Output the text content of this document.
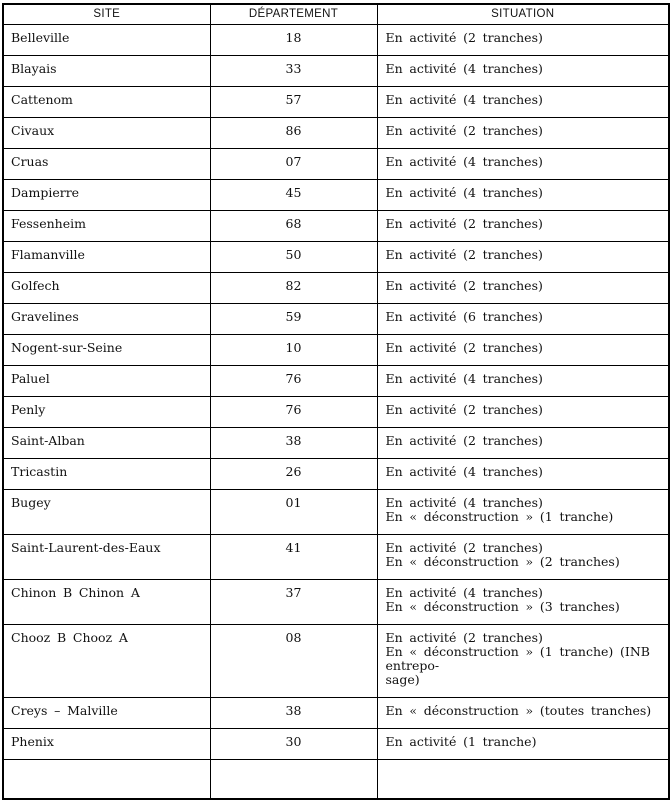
SITE	DÉPARTEMENT	SITUATION
Belleville	18	En activité (2 tranches)

Blayais	33	En activité (4 tranches)

Cattenom	57	En activité (4 tranches)

Civaux	86	En activité (2 tranches)

Cruas	07	En activité (4 tranches)

Dampierre	45	En activité (4 tranches)

Fessenheim	68	En activité (2 tranches)

Flamanville	50	En activité (2 tranches)

Golfech	82	En activité (2 tranches)

Gravelines	59	En activité (6 tranches)

Nogent-sur-Seine	10	En activité (2 tranches)

Paluel	76	En activité (4 tranches)

Penly	76	En activité (2 tranches)

Saint-Alban	38	En activité (2 tranches)

Tricastin	26	En activité (4 tranches)

Bugey	01	En activité (4 tranches)
En « déconstruction » (1 tranche)

Saint-Laurent-des-Eaux	41	En activité (2 tranches)
En « déconstruction » (2 tranches)

Chinon B Chinon A	37	En activité (4 tranches)
En « déconstruction » (3 tranches)

Chooz B Chooz A	08	En activité (2 tranches)
En « déconstruction » (1 tranche) (INB entrepo-
sage)

Creys – Malville	38	En « déconstruction » (toutes tranches)

Phenix	30	En activité (1 tranche)
